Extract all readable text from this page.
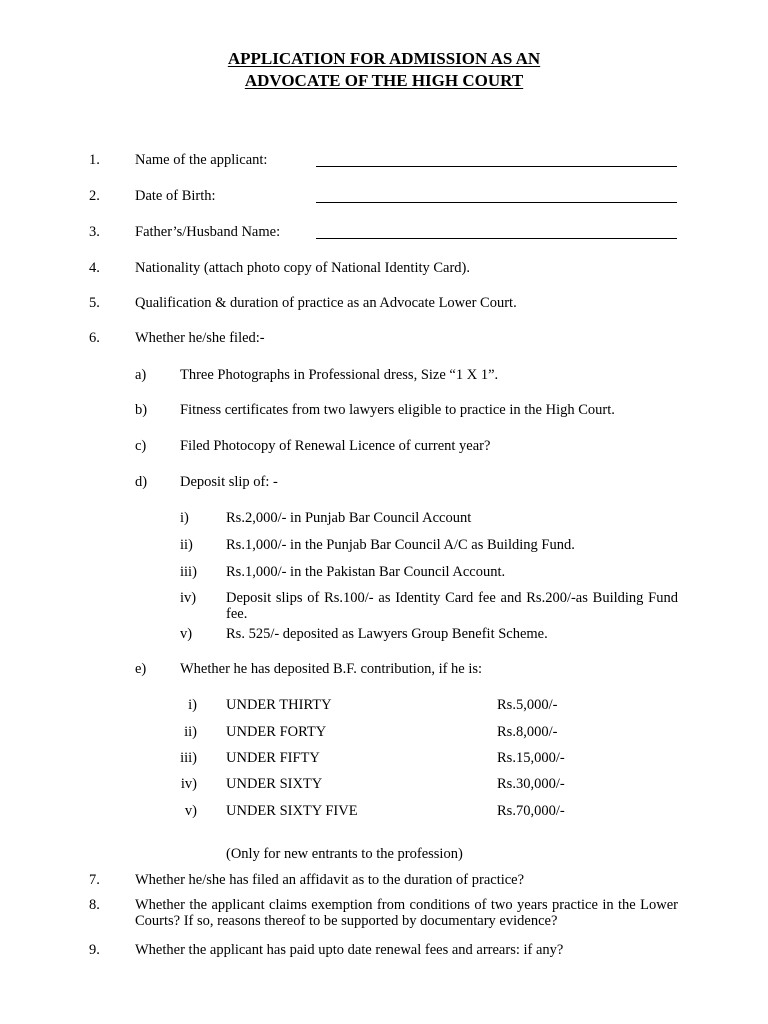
APPLICATION FOR ADMISSION AS AN
ADVOCATE OF THE HIGH COURT
1. Name of the applicant:
2. Date of Birth:
3. Father’s/Husband Name:
4. Nationality (attach photo copy of National Identity Card).
5. Qualification & duration of practice as an Advocate Lower Court.
6. Whether he/she filed:-
a) Three Photographs in Professional dress, Size “1 X 1”.
b) Fitness certificates from two lawyers eligible to practice in the High Court.
c) Filed Photocopy of Renewal Licence of current year?
d) Deposit slip of: -
i)	Rs.2,000/- in Punjab Bar Council Account
ii) Rs.1,000/- in the Punjab Bar Council A/C as Building Fund.
iii) Rs.1,000/- in the Pakistan Bar Council Account.
iv) Deposit slips of Rs.100/- as Identity Card fee and Rs.200/-as Building Fund fee.
v) Rs. 525/- deposited as Lawyers Group Benefit Scheme.
e) Whether he has deposited B.F. contribution, if he is:
i) UNDER THIRTY	Rs.5,000/-
ii) UNDER FORTY	Rs.8,000/-
iii) UNDER FIFTY	Rs.15,000/-
iv) UNDER SIXTY	Rs.30,000/-
v) UNDER SIXTY FIVE	Rs.70,000/-
(Only for new entrants to the profession)
7. Whether he/she has filed an affidavit as to the duration of practice?
8. Whether the applicant claims exemption from conditions of two years practice in the Lower Courts? If so, reasons thereof to be supported by documentary evidence?
9. Whether the applicant has paid upto date renewal fees and arrears: if any?
